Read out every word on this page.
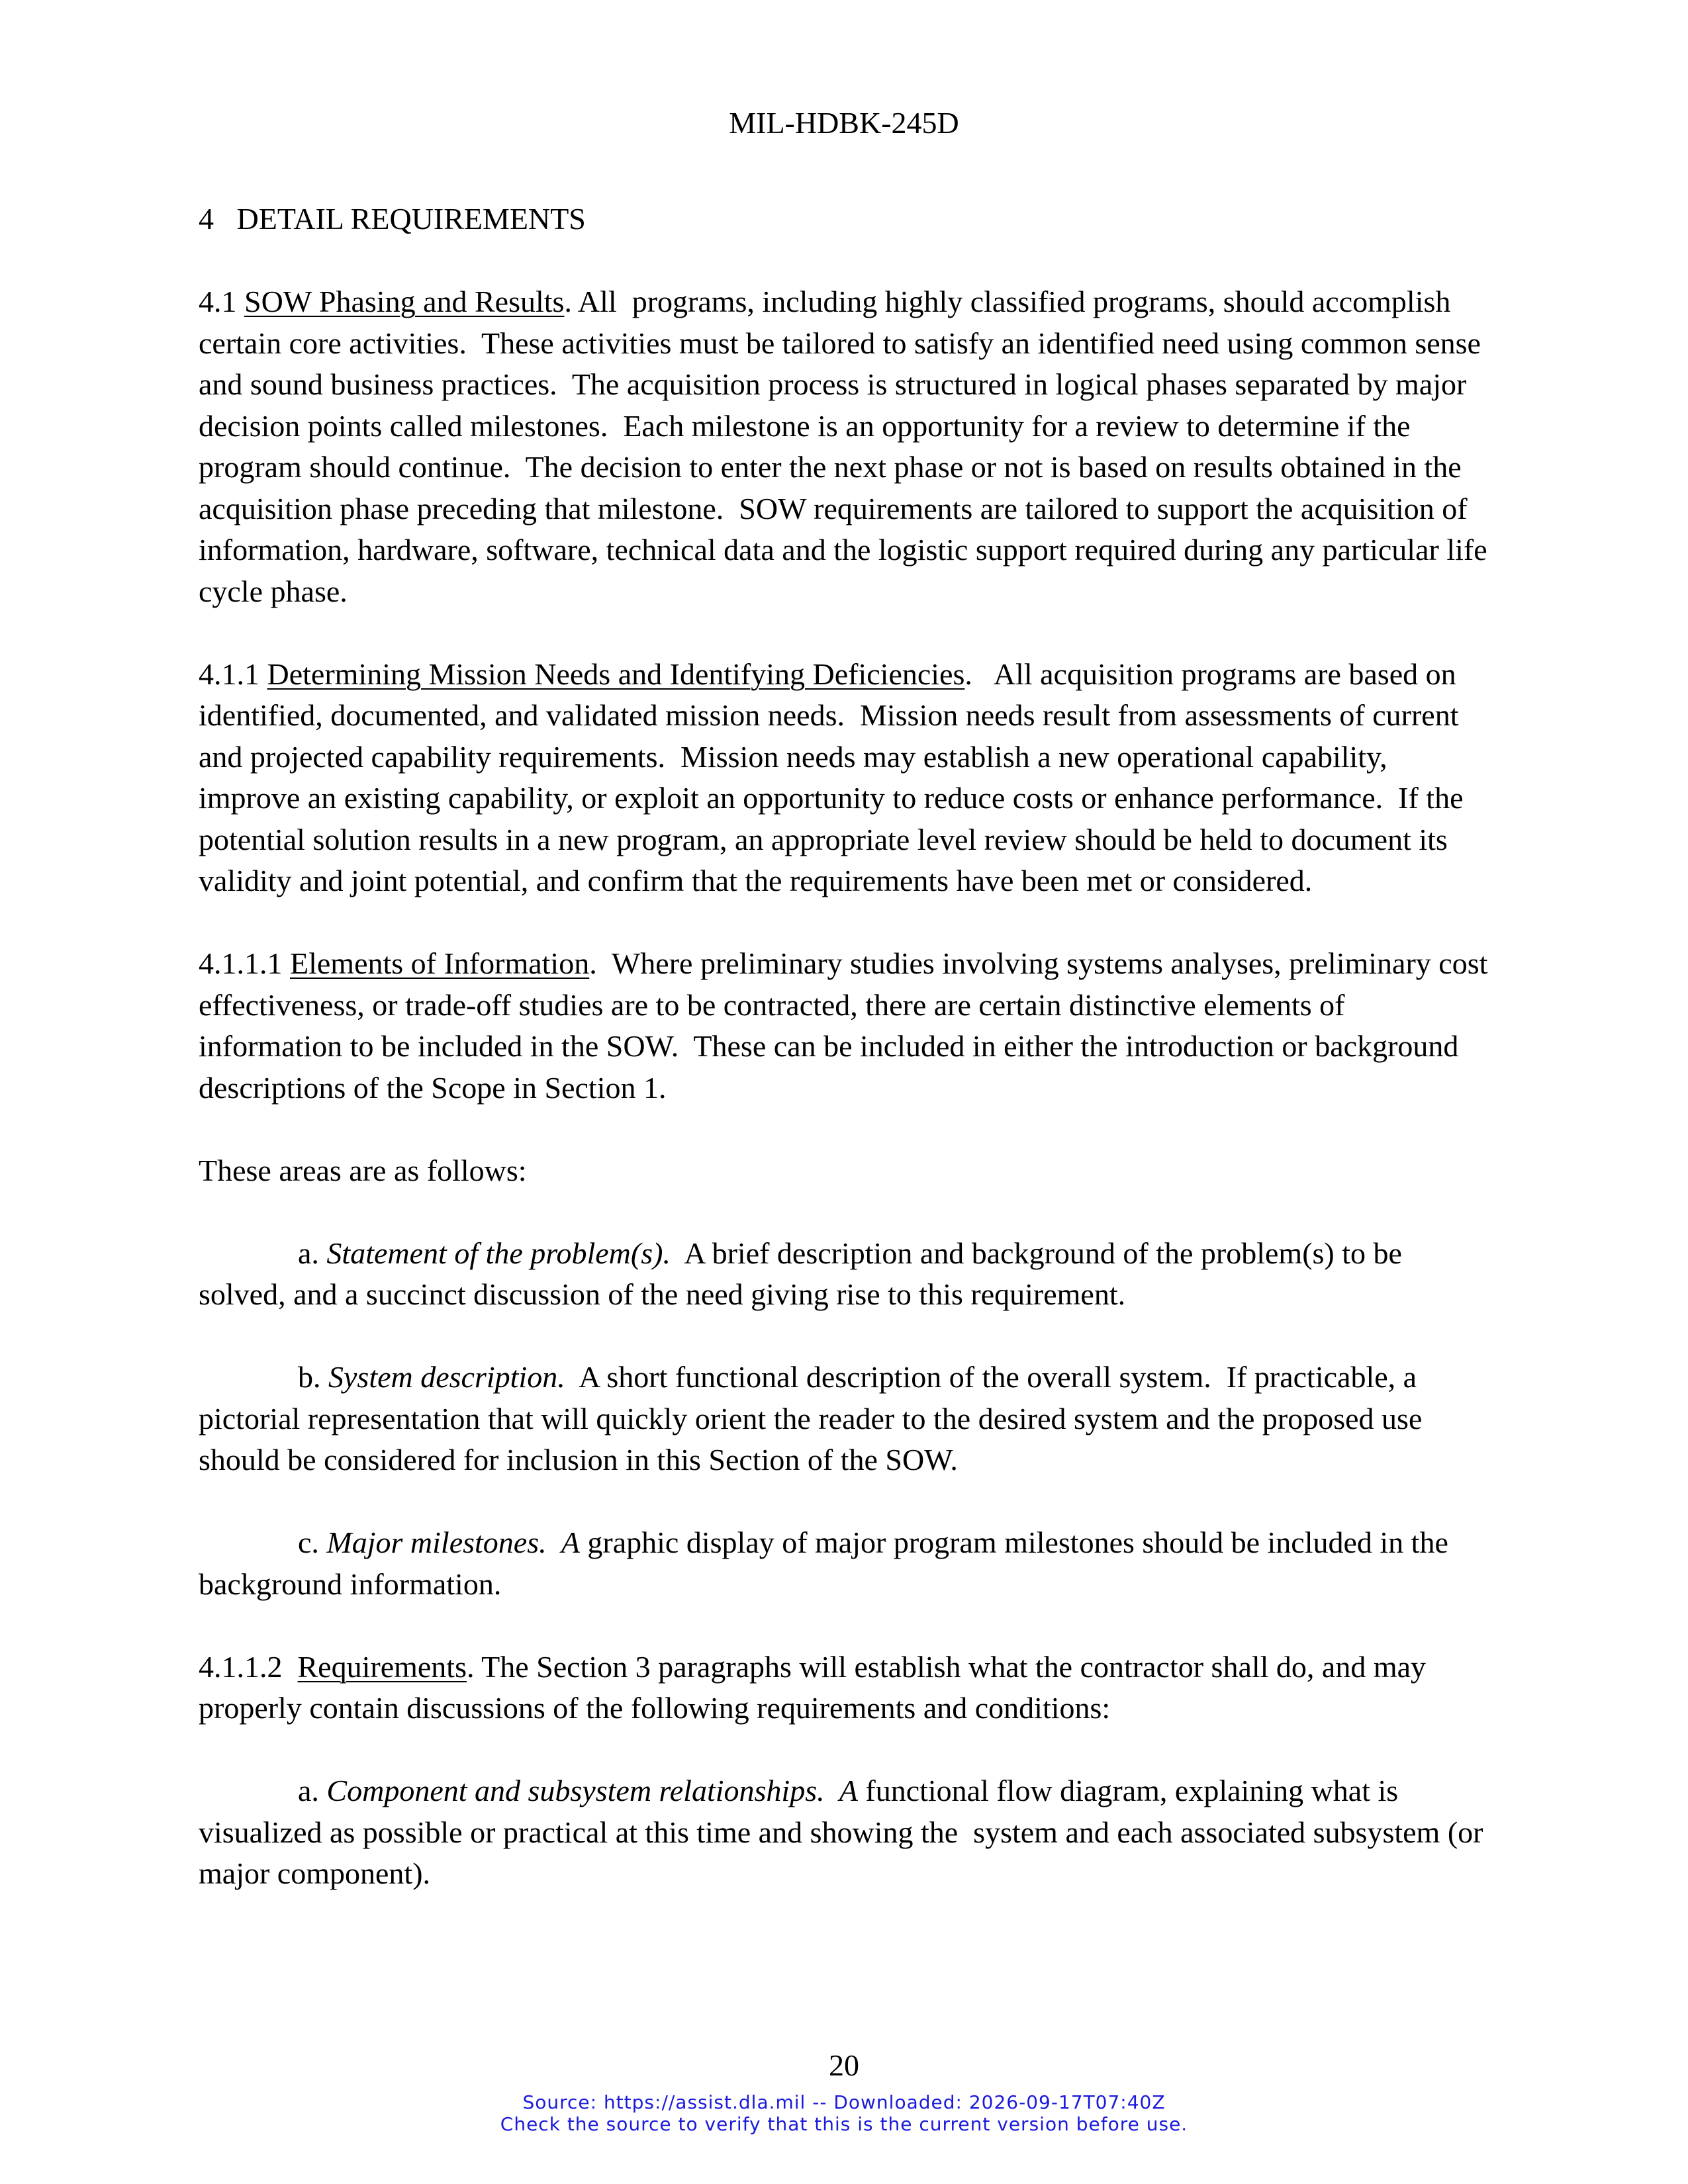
MIL-HDBK-245D

4   DETAIL REQUIREMENTS

4.1 SOW Phasing and Results. All  programs, including highly classified programs, should accomplish certain core activities.  These activities must be tailored to satisfy an identified need using common sense and sound business practices.  The acquisition process is structured in logical phases separated by major decision points called milestones.  Each milestone is an opportunity for a review to determine if the program should continue.  The decision to enter the next phase or not is based on results obtained in the acquisition phase preceding that milestone.  SOW requirements are tailored to support the acquisition of information, hardware, software, technical data and the logistic support required during any particular life cycle phase.

4.1.1 Determining Mission Needs and Identifying Deficiencies.   All acquisition programs are based on identified, documented, and validated mission needs.  Mission needs result from assessments of current and projected capability requirements.  Mission needs may establish a new operational capability, improve an existing capability, or exploit an opportunity to reduce costs or enhance performance.  If the potential solution results in a new program, an appropriate level review should be held to document its validity and joint potential, and confirm that the requirements have been met or considered.

4.1.1.1 Elements of Information.  Where preliminary studies involving systems analyses, preliminary cost effectiveness, or trade-off studies are to be contracted, there are certain distinctive elements of information to be included in the SOW.  These can be included in either the introduction or background descriptions of the Scope in Section 1.

These areas are as follows:

a. Statement of the problem(s).  A brief description and background of the problem(s) to be solved, and a succinct discussion of the need giving rise to this requirement.

b. System description.  A short functional description of the overall system.  If practicable, a pictorial representation that will quickly orient the reader to the desired system and the proposed use should be considered for inclusion in this Section of the SOW.

c. Major milestones.  A graphic display of major program milestones should be included in the background information.

4.1.1.2  Requirements. The Section 3 paragraphs will establish what the contractor shall do, and may properly contain discussions of the following requirements and conditions:

a. Component and subsystem relationships.  A functional flow diagram, explaining what is visualized as possible or practical at this time and showing the  system and each associated subsystem (or major component).

20
Source: https://assist.dla.mil -- Downloaded: 2026-09-17T07:40Z
Check the source to verify that this is the current version before use.
